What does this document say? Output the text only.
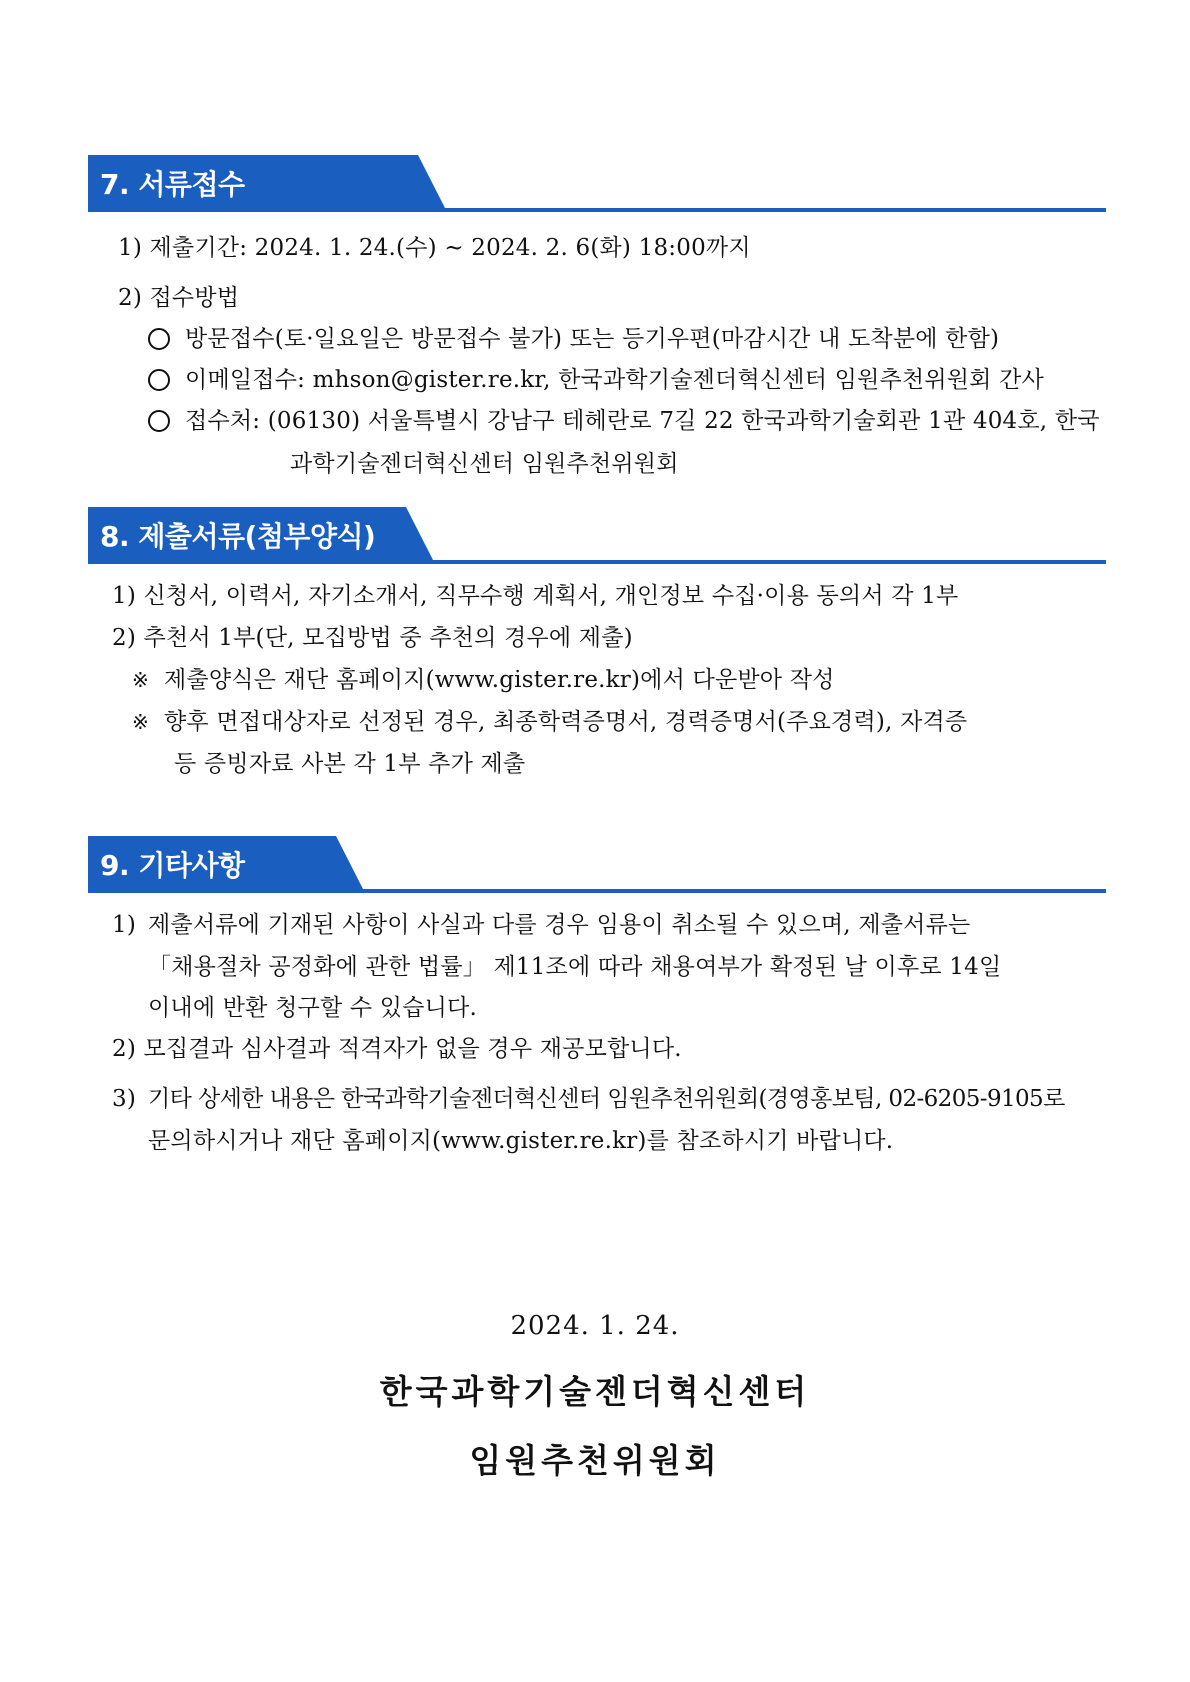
7. 서류접수
1) 제출기간: 2024. 1. 24.(수) ~ 2024. 2. 6(화) 18:00까지
2) 접수방법
방문접수(토·일요일은 방문접수 불가) 또는 등기우편(마감시간 내 도착분에 한함)
이메일접수: mhson@gister.re.kr, 한국과학기술젠더혁신센터 임원추천위원회 간사
접수처: (06130) 서울특별시 강남구 테헤란로 7길 22 한국과학기술회관 1관 404호, 한국
과학기술젠더혁신센터 임원추천위원회
8. 제출서류(첨부양식)
1) 신청서, 이력서, 자기소개서, 직무수행 계획서, 개인정보 수집·이용 동의서 각 1부
2) 추천서 1부(단, 모집방법 중 추천의 경우에 제출)
※ 제출양식은 재단 홈페이지(www.gister.re.kr)에서 다운받아 작성
※ 향후 면접대상자로 선정된 경우, 최종학력증명서, 경력증명서(주요경력), 자격증
등 증빙자료 사본 각 1부 추가 제출
9. 기타사항
1) 제출서류에 기재된 사항이 사실과 다를 경우 임용이 취소될 수 있으며, 제출서류는
「채용절차 공정화에 관한 법률」 제11조에 따라 채용여부가 확정된 날 이후로 14일
이내에 반환 청구할 수 있습니다.
2) 모집결과 심사결과 적격자가 없을 경우 재공모합니다.
3) 기타 상세한 내용은 한국과학기술젠더혁신센터 임원추천위원회(경영홍보팀, 02-6205-9105로
문의하시거나 재단 홈페이지(www.gister.re.kr)를 참조하시기 바랍니다.
2024. 1. 24.
한국과학기술젠더혁신센터
임원추천위원회
